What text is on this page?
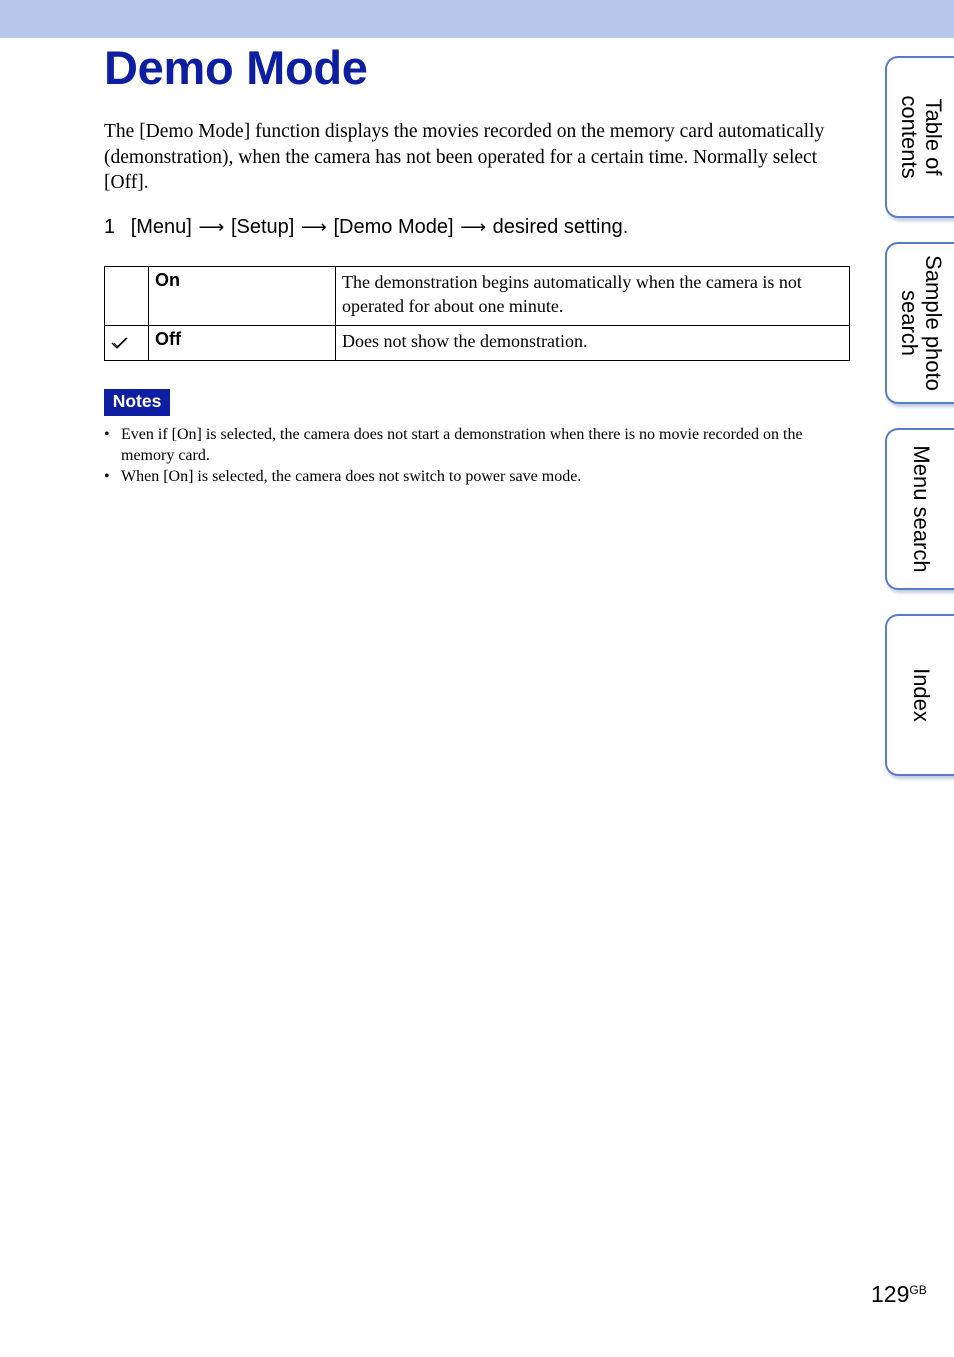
Demo Mode

The [Demo Mode] function displays the movies recorded on the memory card automatically (demonstration), when the camera has not been operated for a certain time. Normally select [Off].

1 [Menu] ⟶ [Setup] ⟶ [Demo Mode] ⟶ desired setting.
	On	The demonstration begins automatically when the camera is not operated for about one minute.

	Off	Does not show the demonstration.
Notes
• Even if [On] is selected, the camera does not start a demonstration when there is no movie recorded on the memory card.
• When [On] is selected, the camera does not switch to power save mode.
Table of
contents
Sample photo
search
Menu search
Index
$129^{GB}$
